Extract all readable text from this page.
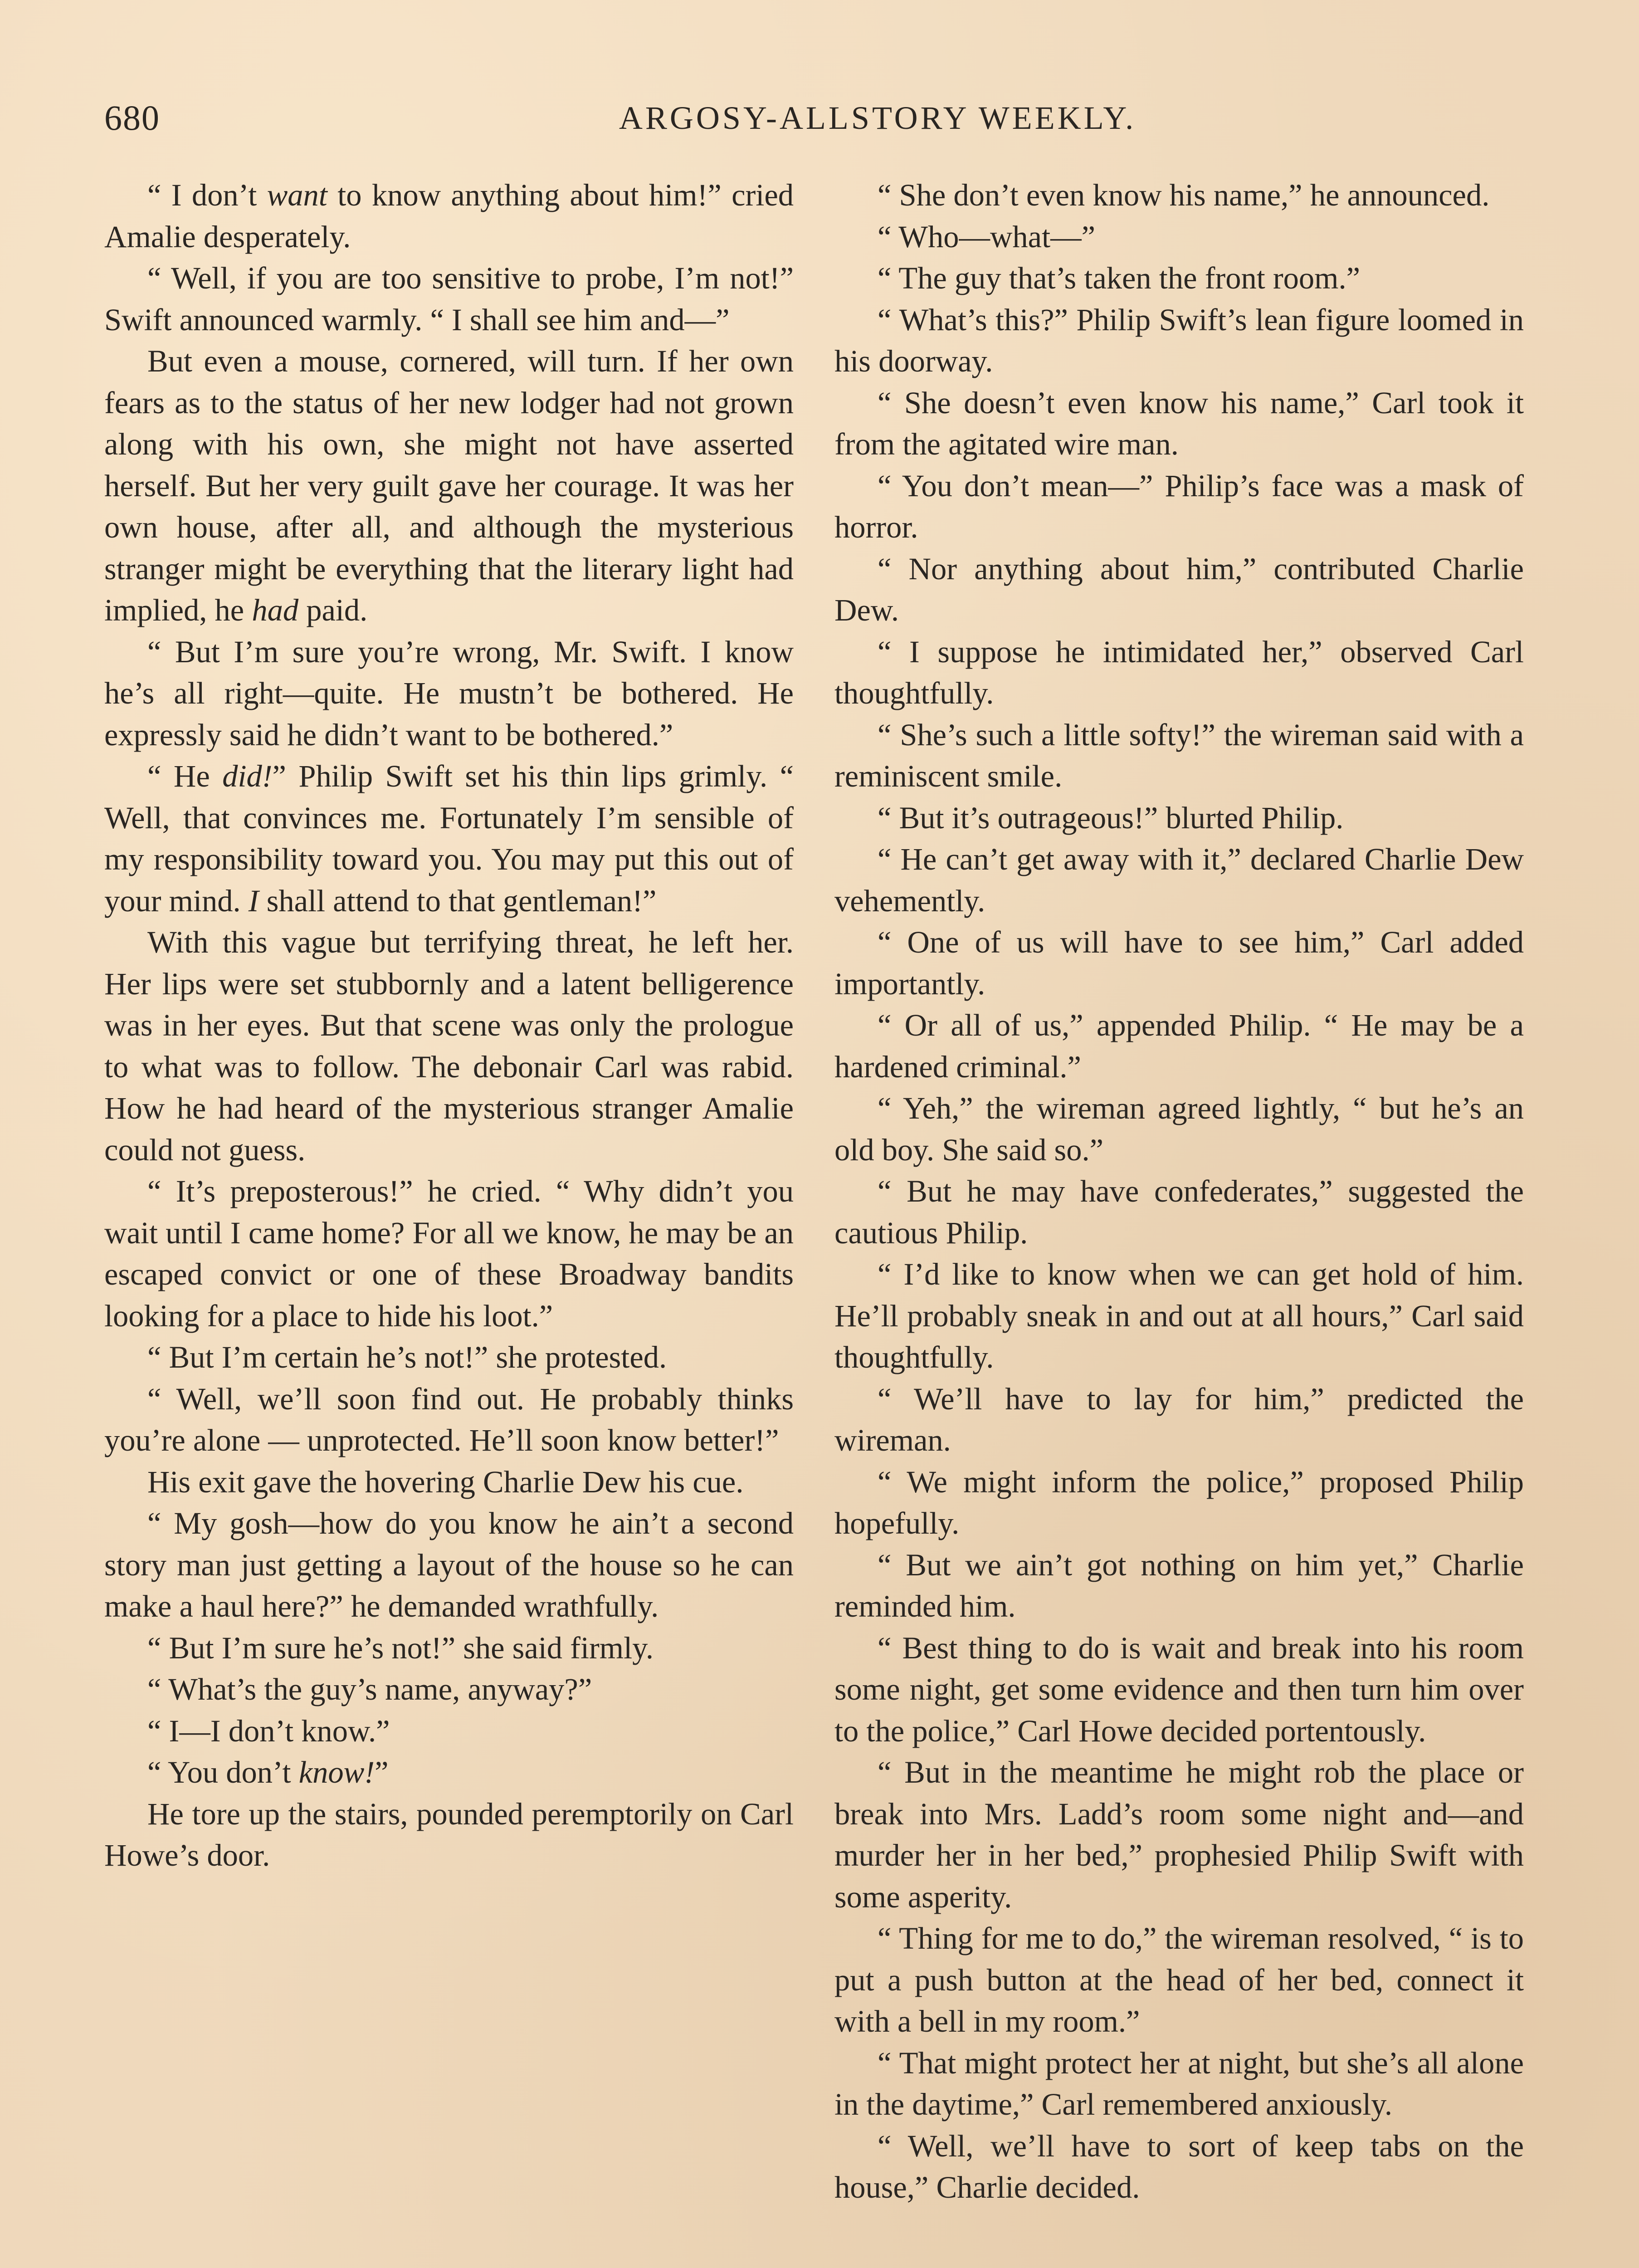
680	ARGOSY-ALLSTORY WEEKLY.

“ I don’t want to know anything about him!” cried Amalie desperately.

“ Well, if you are too sensitive to probe, I’m not!” Swift announced warmly. “ I shall see him and—”

But even a mouse, cornered, will turn. If her own fears as to the status of her new lodger had not grown along with his own, she might not have asserted herself. But her very guilt gave her courage. It was her own house, after all, and although the mysterious stranger might be everything that the literary light had implied, he had paid.

“ But I’m sure you’re wrong, Mr. Swift. I know he’s all right—quite. He mustn’t be bothered. He expressly said he didn’t want to be bothered.”

“ He did!” Philip Swift set his thin lips grimly. “ Well, that convinces me. Fortunately I’m sensible of my responsibility toward you. You may put this out of your mind. I shall attend to that gentleman!”

With this vague but terrifying threat, he left her. Her lips were set stubbornly and a latent belligerence was in her eyes. But that scene was only the prologue to what was to follow. The debonair Carl was rabid. How he had heard of the mysterious stranger Amalie could not guess.

“ It’s preposterous!” he cried. “ Why didn’t you wait until I came home? For all we know, he may be an escaped convict or one of these Broadway bandits looking for a place to hide his loot.”

“ But I’m certain he’s not!” she protested.

“ Well, we’ll soon find out. He probably thinks you’re alone — unprotected. He’ll soon know better!”

His exit gave the hovering Charlie Dew his cue.

“ My gosh—how do you know he ain’t a second story man just getting a layout of the house so he can make a haul here?” he demanded wrathfully.

“ But I’m sure he’s not!” she said firmly.

“ What’s the guy’s name, anyway?”

“ I—I don’t know.”

“ You don’t know!”

He tore up the stairs, pounded peremptorily on Carl Howe’s door.

“ She don’t even know his name,” he announced.

“ Who—what—”

“ The guy that’s taken the front room.”

“ What’s this?” Philip Swift’s lean figure loomed in his doorway.

“ She doesn’t even know his name,” Carl took it from the agitated wire man.

“ You don’t mean—” Philip’s face was a mask of horror.

“ Nor anything about him,” contributed Charlie Dew.

“ I suppose he intimidated her,” observed Carl thoughtfully.

“ She’s such a little softy!” the wireman said with a reminiscent smile.

“ But it’s outrageous!” blurted Philip.

“ He can’t get away with it,” declared Charlie Dew vehemently.

“ One of us will have to see him,” Carl added importantly.

“ Or all of us,” appended Philip. “ He may be a hardened criminal.”

“ Yeh,” the wireman agreed lightly, “ but he’s an old boy. She said so.”

“ But he may have confederates,” suggested the cautious Philip.

“ I’d like to know when we can get hold of him. He’ll probably sneak in and out at all hours,” Carl said thoughtfully.

“ We’ll have to lay for him,” predicted the wireman.

“ We might inform the police,” proposed Philip hopefully.

“ But we ain’t got nothing on him yet,” Charlie reminded him.

“ Best thing to do is wait and break into his room some night, get some evidence and then turn him over to the police,” Carl Howe decided portentously.

“ But in the meantime he might rob the place or break into Mrs. Ladd’s room some night and—and murder her in her bed,” prophesied Philip Swift with some asperity.

“ Thing for me to do,” the wireman resolved, “ is to put a push button at the head of her bed, connect it with a bell in my room.”

“ That might protect her at night, but she’s all alone in the daytime,” Carl remembered anxiously.

“ Well, we’ll have to sort of keep tabs on the house,” Charlie decided.
